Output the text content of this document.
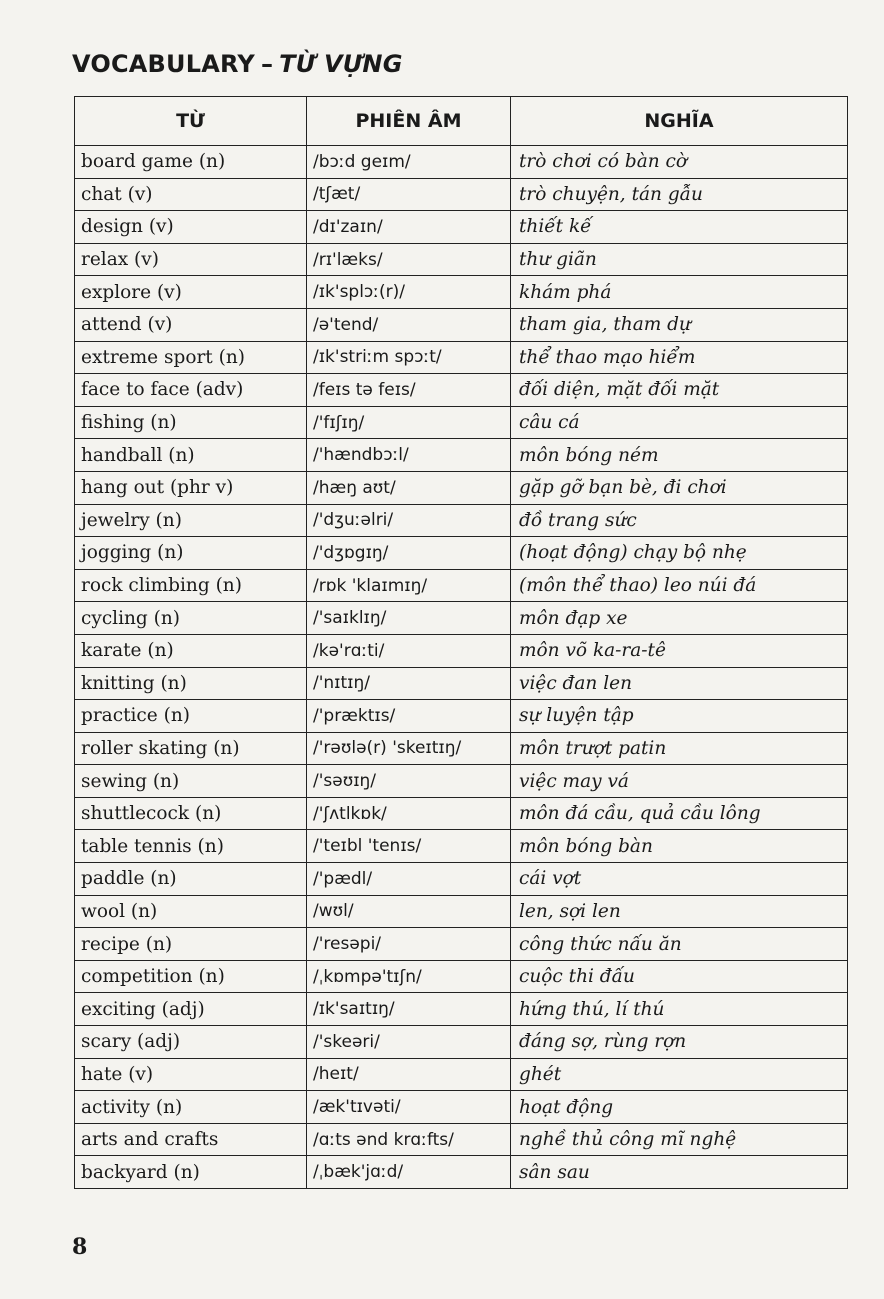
VOCABULARY – TỪ VỰNG
TỪ	PHIÊN ÂM	NGHĨA
board game (n)	/bɔːd geɪm/	trò chơi có bàn cờ
chat (v)	/tʃæt/	trò chuyện, tán gẫu
design (v)	/dɪ'zaɪn/	thiết kế
relax (v)	/rɪ'læks/	thư giãn
explore (v)	/ɪk'splɔː(r)/	khám phá
attend (v)	/ə'tend/	tham gia, tham dự
extreme sport (n)	/ɪk'striːm spɔːt/	thể thao mạo hiểm
face to face (adv)	/feɪs tə feɪs/	đối diện, mặt đối mặt
fishing (n)	/'fɪʃɪŋ/	câu cá
handball (n)	/'hændbɔːl/	môn bóng ném
hang out (phr v)	/hæŋ aʊt/	gặp gỡ bạn bè, đi chơi
jewelry (n)	/'dʒuːəlri/	đồ trang sức
jogging (n)	/'dʒɒgɪŋ/	(hoạt động) chạy bộ nhẹ
rock climbing (n)	/rɒk 'klaɪmɪŋ/	(môn thể thao) leo núi đá
cycling (n)	/'saɪklɪŋ/	môn đạp xe
karate (n)	/kə'rɑːti/	môn võ ka-ra-tê
knitting (n)	/'nɪtɪŋ/	việc đan len
practice (n)	/'præktɪs/	sự luyện tập
roller skating (n)	/'rəʊlə(r) 'skeɪtɪŋ/	môn trượt patin
sewing (n)	/'səʊɪŋ/	việc may vá
shuttlecock (n)	/'ʃʌtlkɒk/	môn đá cầu, quả cầu lông
table tennis (n)	/'teɪbl 'tenɪs/	môn bóng bàn
paddle (n)	/'pædl/	cái vợt
wool (n)	/wʊl/	len, sợi len
recipe (n)	/'resəpi/	công thức nấu ăn
competition (n)	/ˌkɒmpə'tɪʃn/	cuộc thi đấu
exciting (adj)	/ɪk'saɪtɪŋ/	hứng thú, lí thú
scary (adj)	/'skeəri/	đáng sợ, rùng rợn
hate (v)	/heɪt/	ghét
activity (n)	/æk'tɪvəti/	hoạt động
arts and crafts	/ɑːts ənd krɑːfts/	nghề thủ công mĩ nghệ
backyard (n)	/ˌbæk'jɑːd/	sân sau
8
